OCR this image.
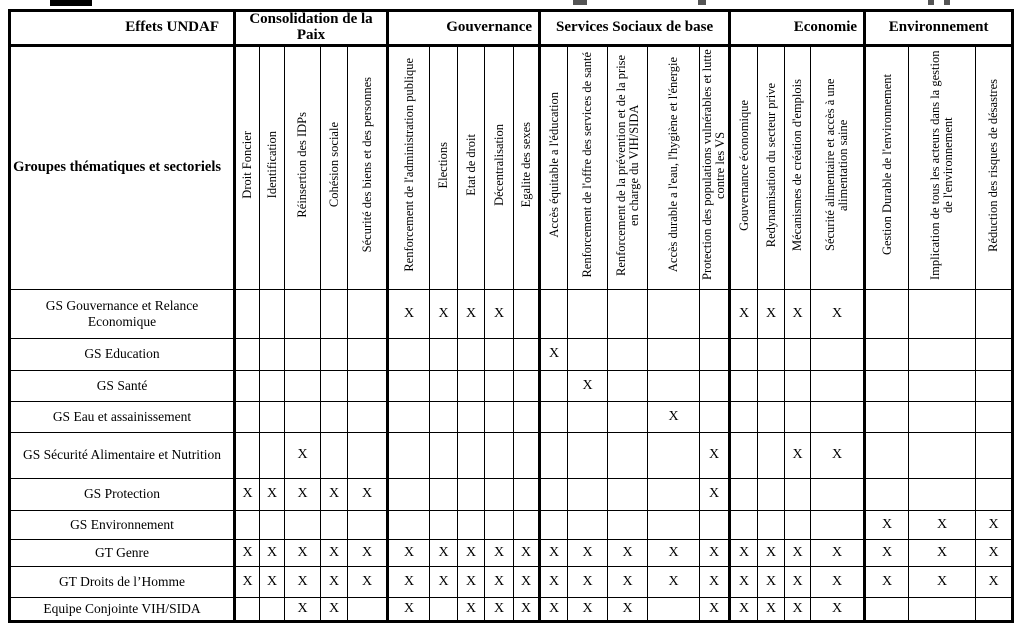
Effets UNDAF	Consolidation de la Paix					Gouvernance					Services Sociaux de base					Economie				Environnement		
Groupes thématiques et sectoriels	Droit Foncier	Identification	Réinsertion des IDPs	Cohésion sociale	Sécurité des biens et des personnes	Renforcement de l'administration publique	Elections	Etat de droit	Décentralisation	Egalite des sexes	Accès équitable a l'éducation	Renforcement de l'offre des services de santé	Renforcement de la prévention et de la prise en charge du VIH/SIDA	Accès durable a l'eau, l'hygiène et l'énergie	Protection des populations vulnérables et lutte contre les VS	Gouvernance économique	Redynamisation du secteur prive	Mécanismes de création d'emplois	Sécurité alimentaire et accès à une alimentation saine	Gestion Durable de l'environnement	Implication de tous les acteurs dans la gestion de l'environnement	Réduction des risques de désastres
GS Gouvernance et Relance Economique						X	X	X	X							X	X	X	X			
GS Education											X											
GS Santé												X										
GS Eau et assainissement														X								
GS Sécurité Alimentaire et Nutrition			X												X			X	X			
GS Protection	X	X	X	X	X										X							
GS Environnement																				X	X	X
GT Genre	X	X	X	X	X	X	X	X	X	X	X	X	X	X	X	X	X	X	X	X	X	X
GT Droits de l’Homme	X	X	X	X	X	X	X	X	X	X	X	X	X	X	X	X	X	X	X	X	X	X
Equipe Conjointe VIH/SIDA			X	X		X		X	X	X	X	X	X		X	X	X	X	X			
